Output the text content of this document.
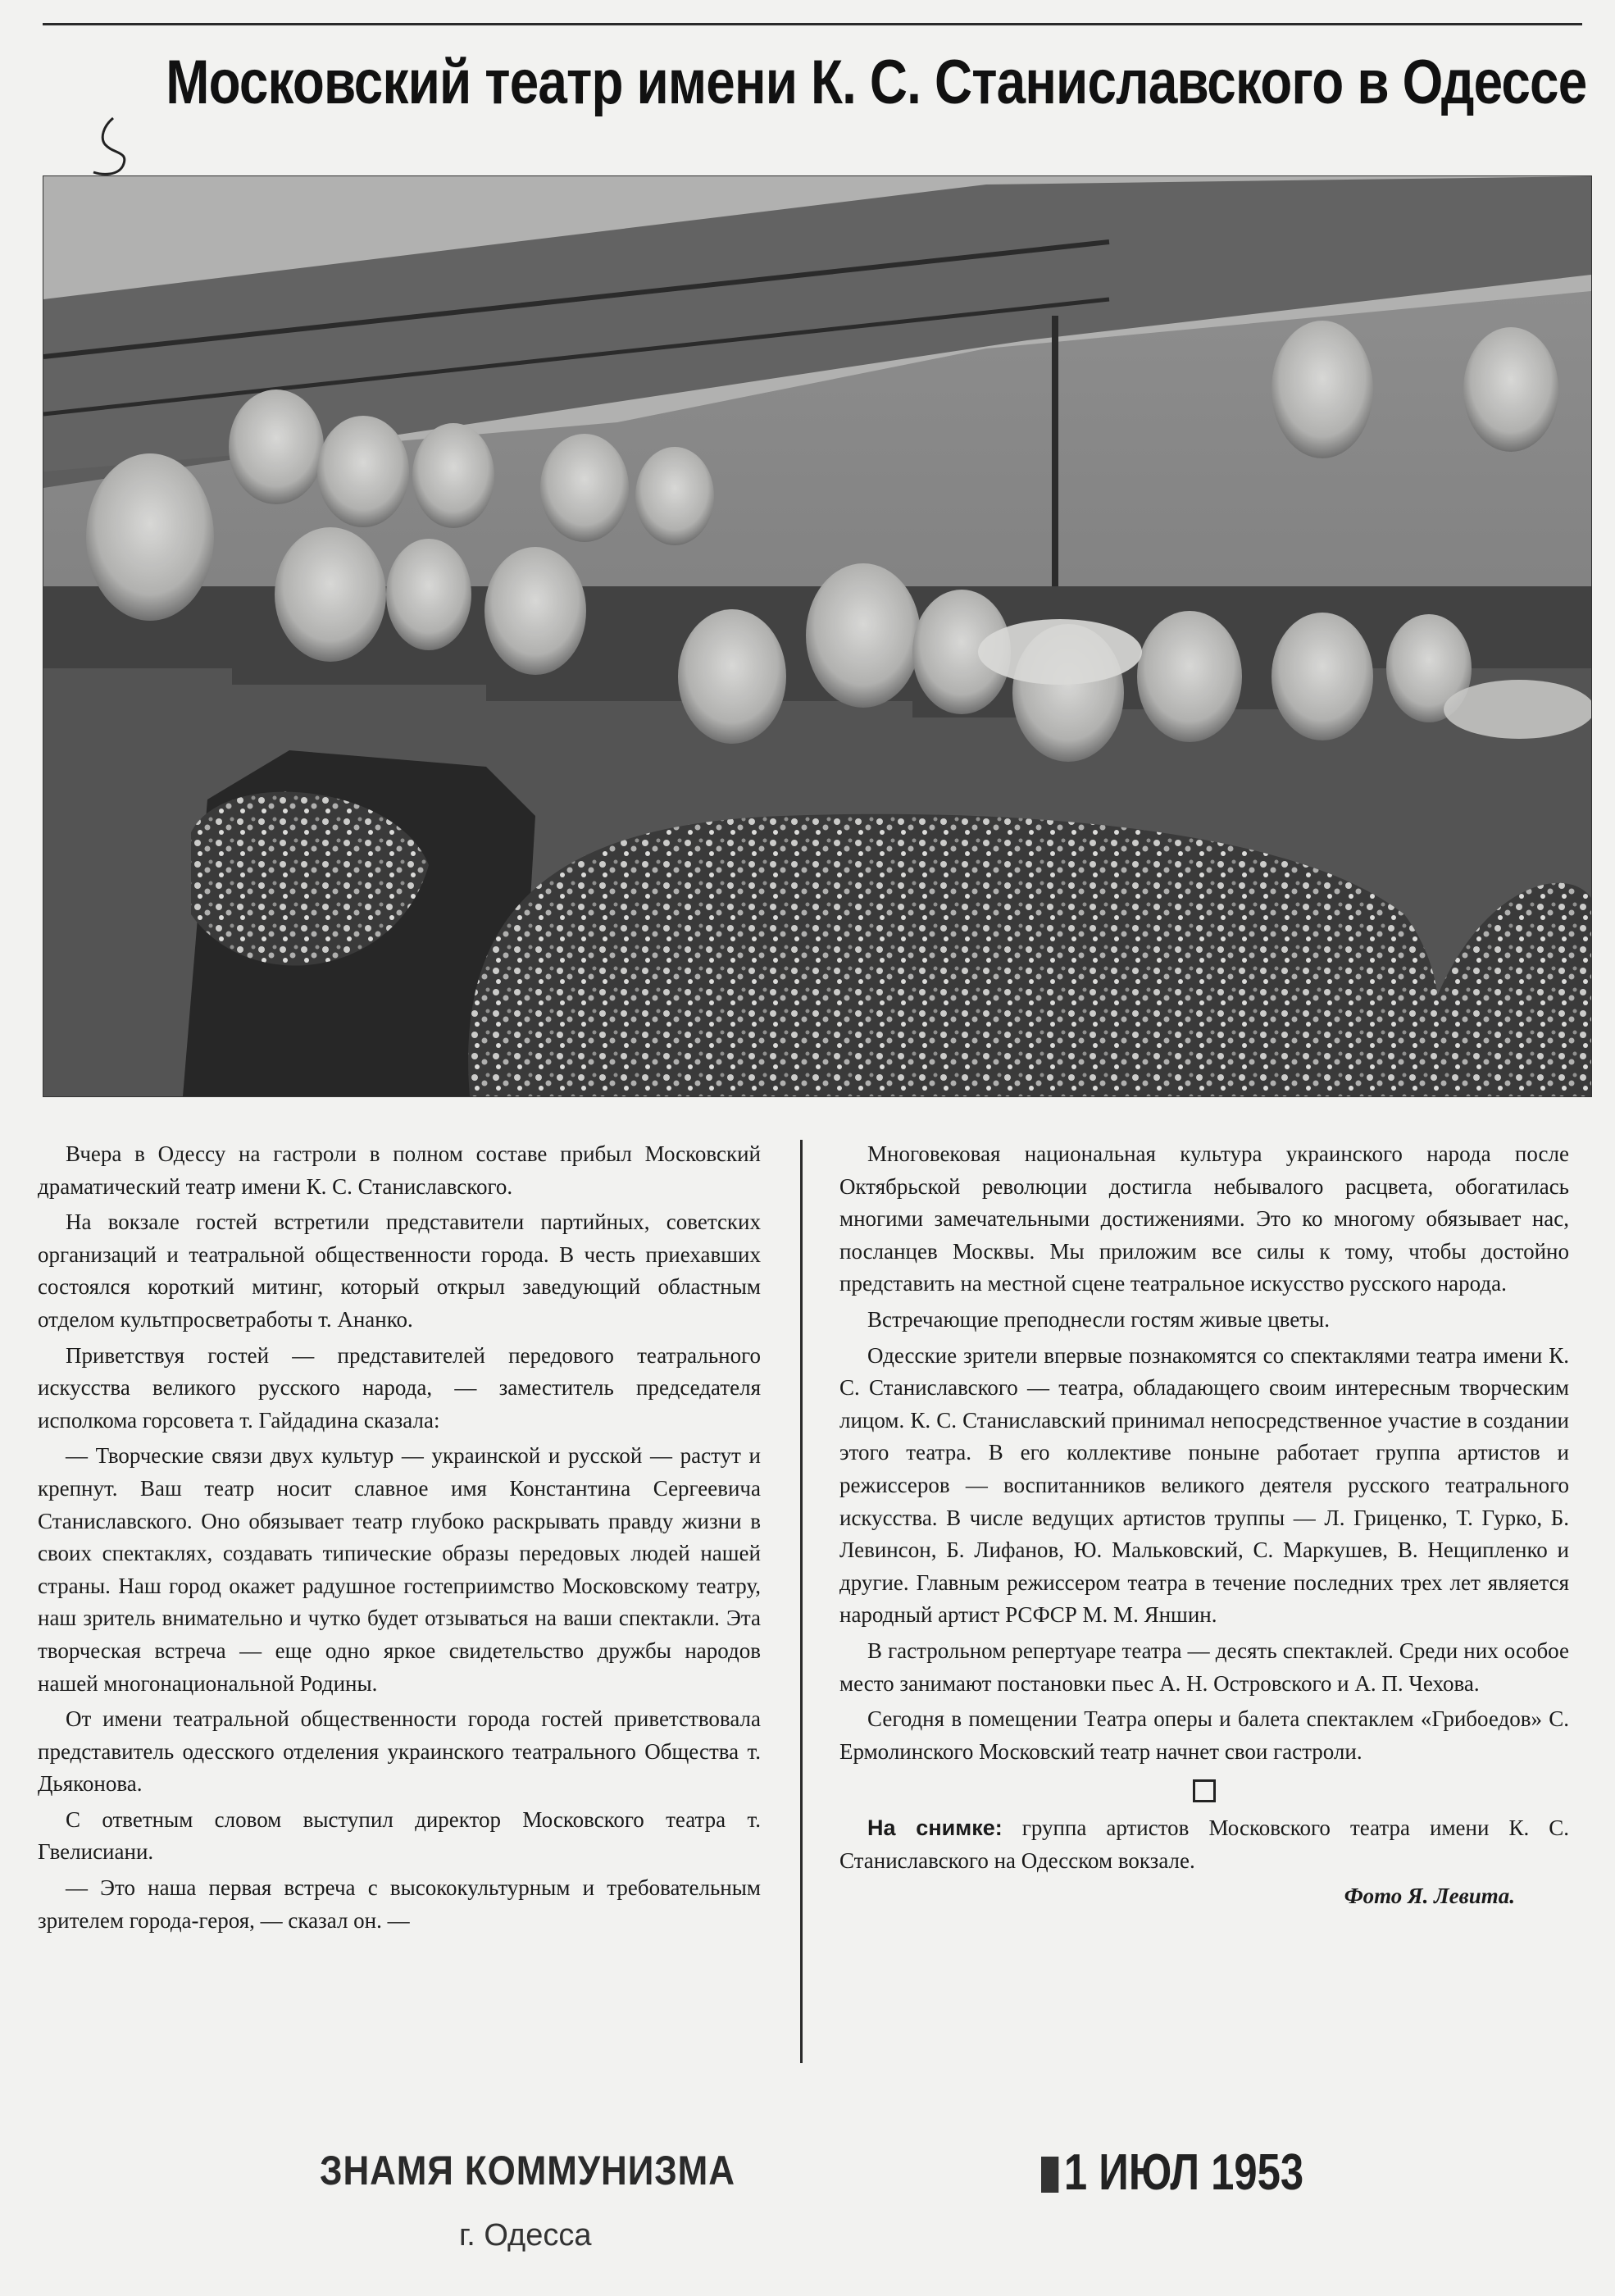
Московский театр имени К. С. Станиславского в Одессе

Вчера в Одессу на гастроли в полном составе прибыл Московский драматический театр имени К. С. Станиславского.

На вокзале гостей встретили представители партийных, советских организаций и театральной общественности города. В честь приехавших состоялся короткий митинг, который открыл заведующий областным отделом культпросветработы т. Ананко.

Приветствуя гостей — представителей передового театрального искусства великого русского народа, — заместитель председателя исполкома горсовета т. Гайдадина сказала:

— Творческие связи двух культур — украинской и русской — растут и крепнут. Ваш театр носит славное имя Константина Сергеевича Станиславского. Оно обязывает театр глубоко раскрывать правду жизни в своих спектаклях, создавать типические образы передовых людей нашей страны. Наш город окажет радушное гостеприимство Московскому театру, наш зритель внимательно и чутко будет отзываться на ваши спектакли. Эта творческая встреча — еще одно яркое свидетельство дружбы народов нашей многонациональной Родины.

От имени театральной общественности города гостей приветствовала представитель одесского отделения украинского театрального Общества т. Дьяконова.

С ответным словом выступил директор Московского театра т. Гвелисиани.

— Это наша первая встреча с высококультурным и требовательным зрителем города-героя, — сказал он. —

Многовековая национальная культура украинского народа после Октябрьской революции достигла небывалого расцвета, обогатилась многими замечательными достижениями. Это ко многому обязывает нас, посланцев Москвы. Мы приложим все силы к тому, чтобы достойно представить на местной сцене театральное искусство русского народа.

Встречающие преподнесли гостям живые цветы.

Одесские зрители впервые познакомятся со спектаклями театра имени К. С. Станиславского — театра, обладающего своим интересным творческим лицом. К. С. Станиславский принимал непосредственное участие в создании этого театра. В его коллективе поныне работает группа артистов и режиссеров — воспитанников великого деятеля русского театрального искусства. В числе ведущих артистов труппы — Л. Гриценко, Т. Гурко, Б. Левинсон, Б. Лифанов, Ю. Мальковский, С. Маркушев, В. Нещипленко и другие. Главным режиссером театра в течение последних трех лет является народный артист РСФСР М. М. Яншин.

В гастрольном репертуаре театра — десять спектаклей. Среди них особое место занимают постановки пьес А. Н. Островского и А. П. Чехова.

Сегодня в помещении Театра оперы и балета спектаклем «Грибоедов» С. Ермолинского Московский театр начнет свои гастроли.

На снимке: группа артистов Московского театра имени К. С. Станиславского на Одесском вокзале.

Фото Я. Левита.

ЗНАМЯ КОММУНИЗМА
г. Одесса
1 ИЮЛ 1953
